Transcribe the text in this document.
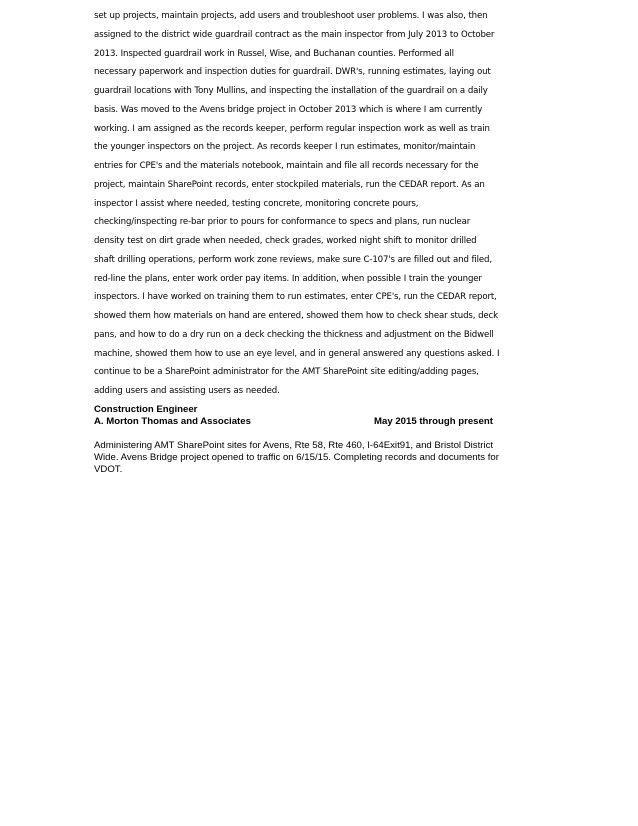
set up projects, maintain projects, add users and troubleshoot user problems. I was also, then
assigned to the district wide guardrail contract as the main inspector from July 2013 to October
2013. Inspected guardrail work in Russel, Wise, and Buchanan counties. Performed all
necessary paperwork and inspection duties for guardrail. DWR's, running estimates, laying out
guardrail locations with Tony Mullins, and inspecting the installation of the guardrail on a daily
basis. Was moved to the Avens bridge project in October 2013 which is where I am currently
working. I am assigned as the records keeper, perform regular inspection work as well as train
the younger inspectors on the project. As records keeper I run estimates, monitor/maintain
entries for CPE's and the materials notebook, maintain and file all records necessary for the
project, maintain SharePoint records, enter stockpiled materials, run the CEDAR report. As an
inspector I assist where needed, testing concrete, monitoring concrete pours,
checking/inspecting re-bar prior to pours for conformance to specs and plans, run nuclear
density test on dirt grade when needed, check grades, worked night shift to monitor drilled
shaft drilling operations, perform work zone reviews, make sure C-107's are filled out and filed,
red-line the plans, enter work order pay items. In addition, when possible I train the younger
inspectors. I have worked on training them to run estimates, enter CPE's, run the CEDAR report,
showed them how materials on hand are entered, showed them how to check shear studs, deck
pans, and how to do a dry run on a deck checking the thickness and adjustment on the Bidwell
machine, showed them how to use an eye level, and in general answered any questions asked. I
continue to be a SharePoint administrator for the AMT SharePoint site editing/adding pages,
adding users and assisting users as needed.
Construction Engineer
A. Morton Thomas and Associates	May 2015 through present
Administering AMT SharePoint sites for Avens, Rte 58, Rte 460, I-64Exit91, and Bristol District
Wide. Avens Bridge project opened to traffic on 6/15/15. Completing records and documents for
VDOT.
